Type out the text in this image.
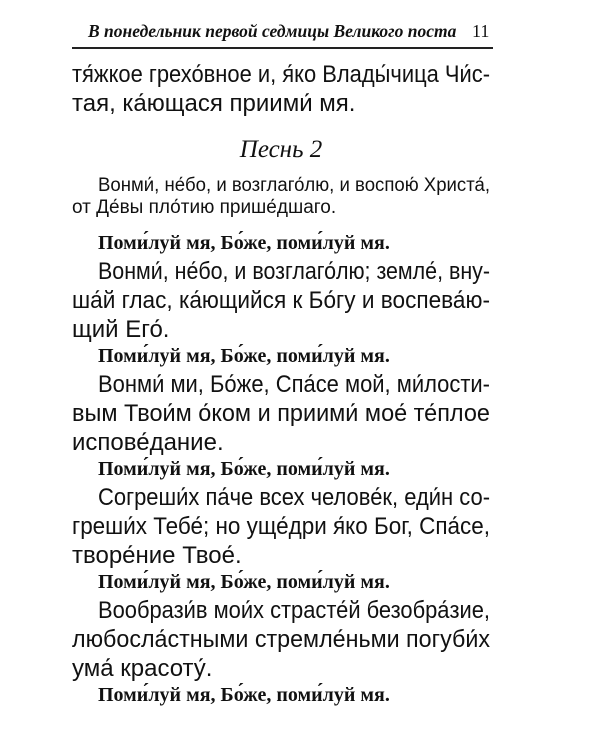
В понедельник первой седмицы Великого поста 11
тя́жкое грехо́вное и, я́ко Влады́чица Чи́с-
тая, ка́ющася приими́ мя.
Песнь 2
Вонми́, не́бо, и возглаго́лю, и воспою́ Христа́,
от Де́вы пло́тию прише́дшаго.
Поми́луй мя, Бо́же, поми́луй мя.
Вонми́, не́бо, и возглаго́лю; земле́, вну-
ша́й глас, ка́ющийся к Бо́гу и воспева́ю-
щий Его́.
Поми́луй мя, Бо́же, поми́луй мя.
Вонми́ ми, Бо́же, Спа́се мой, ми́лости-
вым Твои́м о́ком и приими́ мое́ те́плое
испове́дание.
Поми́луй мя, Бо́же, поми́луй мя.
Согреши́х па́че всех челове́к, еди́н со-
греши́х Тебе́; но уще́дри я́ко Бог, Спа́се,
творе́ние Твое́.
Поми́луй мя, Бо́же, поми́луй мя.
Вообрази́в мои́х страсте́й безобра́зие,
любосла́стными стремле́ньми погуби́х
ума́ красоту́.
Поми́луй мя, Бо́же, поми́луй мя.
